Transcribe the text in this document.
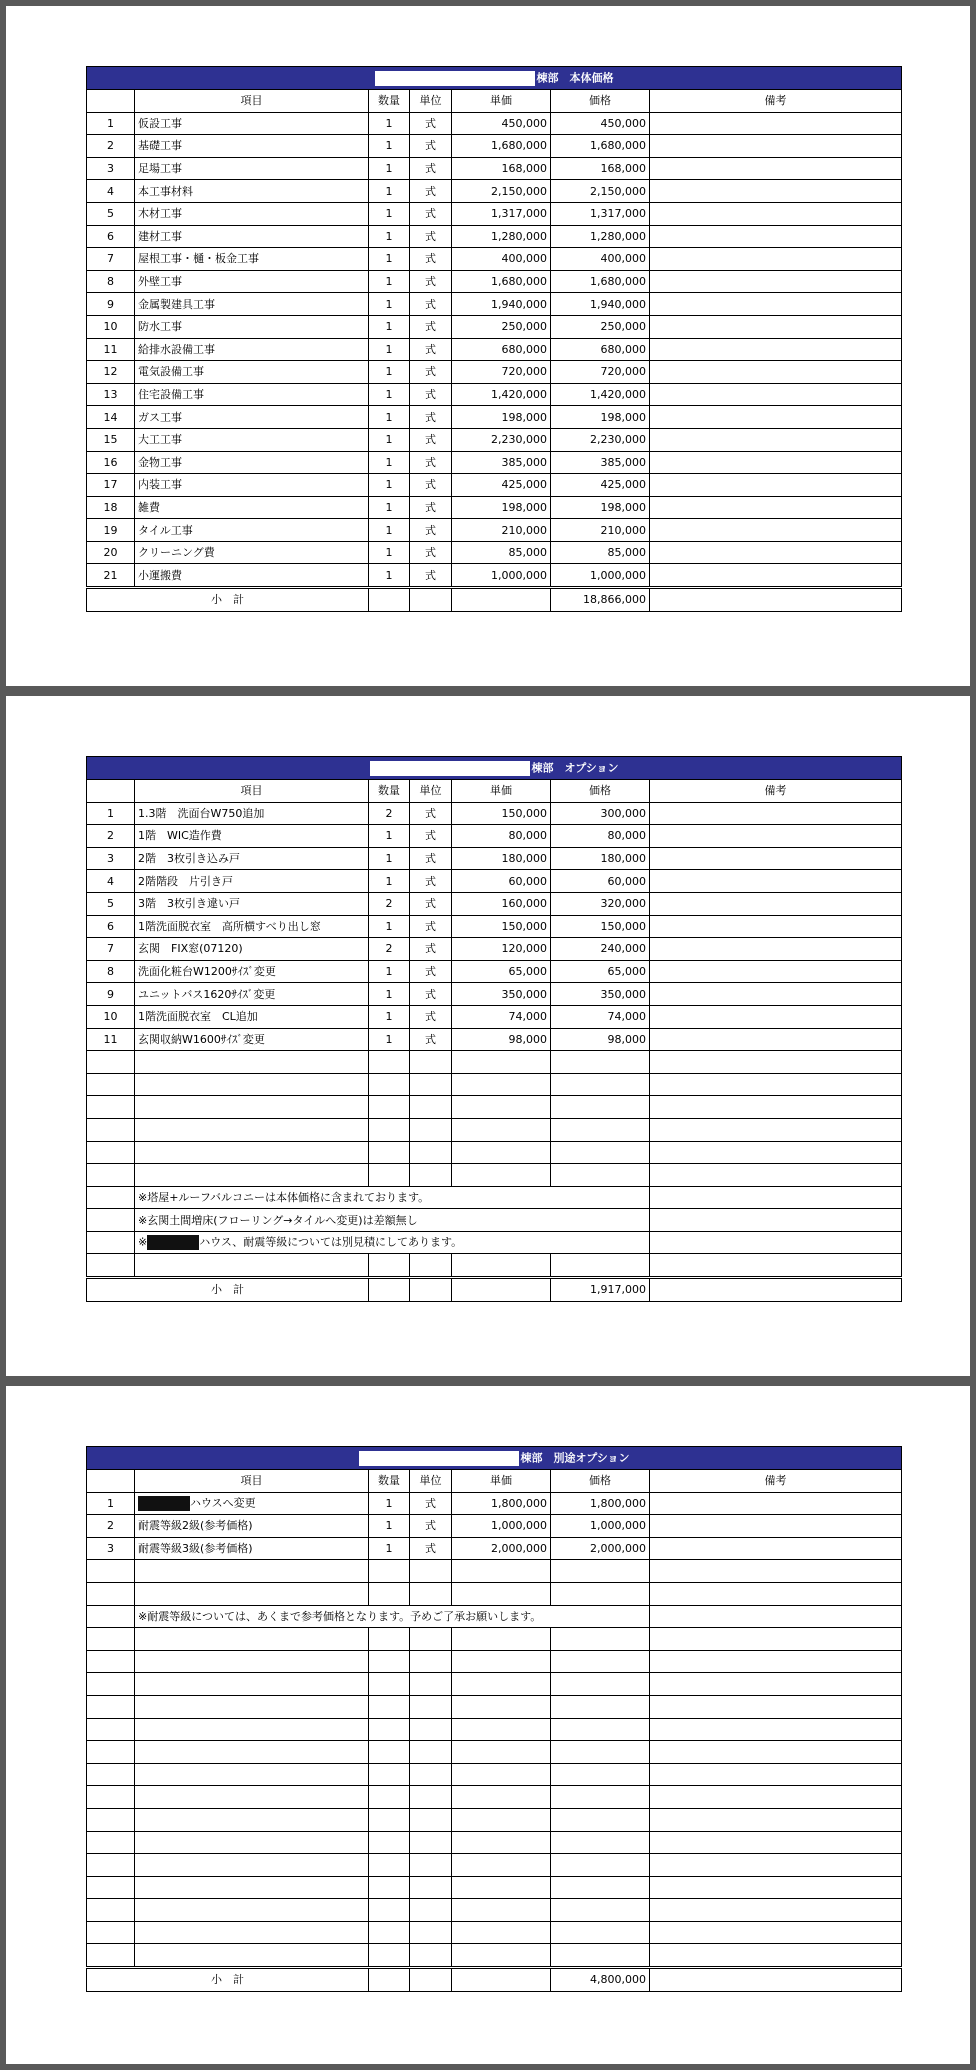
棟部　本体価格						
	項目	数量	単位	単価	価格	備考
1	仮設工事	1	式	450,000	450,000	
2	基礎工事	1	式	1,680,000	1,680,000	
3	足場工事	1	式	168,000	168,000	
4	本工事材料	1	式	2,150,000	2,150,000	
5	木材工事	1	式	1,317,000	1,317,000	
6	建材工事	1	式	1,280,000	1,280,000	
7	屋根工事・樋・板金工事	1	式	400,000	400,000	
8	外壁工事	1	式	1,680,000	1,680,000	
9	金属製建具工事	1	式	1,940,000	1,940,000	
10	防水工事	1	式	250,000	250,000	
11	給排水設備工事	1	式	680,000	680,000	
12	電気設備工事	1	式	720,000	720,000	
13	住宅設備工事	1	式	1,420,000	1,420,000	
14	ガス工事	1	式	198,000	198,000	
15	大工工事	1	式	2,230,000	2,230,000	
16	金物工事	1	式	385,000	385,000	
17	内装工事	1	式	425,000	425,000	
18	雑費	1	式	198,000	198,000	
19	タイル工事	1	式	210,000	210,000	
20	クリーニング費	1	式	85,000	85,000	
21	小運搬費	1	式	1,000,000	1,000,000	
小　計					18,866,000	
棟部　オプション						
	項目	数量	単位	単価	価格	備考
1	1.3階　洗面台W750追加	2	式	150,000	300,000	
2	1階　WIC造作費	1	式	80,000	80,000	
3	2階　3枚引き込み戸	1	式	180,000	180,000	
4	2階階段　片引き戸	1	式	60,000	60,000	
5	3階　3枚引き違い戸	2	式	160,000	320,000	
6	1階洗面脱衣室　高所横すべり出し窓	1	式	150,000	150,000	
7	玄関　FIX窓(07120)	2	式	120,000	240,000	
8	洗面化粧台W1200ｻｲｽﾞ変更	1	式	65,000	65,000	
9	ユニットバス1620ｻｲｽﾞ変更	1	式	350,000	350,000	
10	1階洗面脱衣室　CL追加	1	式	74,000	74,000	
11	玄関収納W1600ｻｲｽﾞ変更	1	式	98,000	98,000	

	※塔屋+ルーフバルコニーは本体価格に含まれております。					
	※玄関土間増床(フローリング→タイルへ変更)は差額無し					
	※ ハウス、耐震等級については別見積にしてあります。					

小　計					1,917,000	
棟部　別途オプション						
	項目	数量	単位	単価	価格	備考
1	ハウスへ変更	1	式	1,800,000	1,800,000	
2	耐震等級2級(参考価格)	1	式	1,000,000	1,000,000	
3	耐震等級3級(参考価格)	1	式	2,000,000	2,000,000	

	※耐震等級については、あくまで参考価格となります。予めご了承お願いします。					

小　計					4,800,000	
